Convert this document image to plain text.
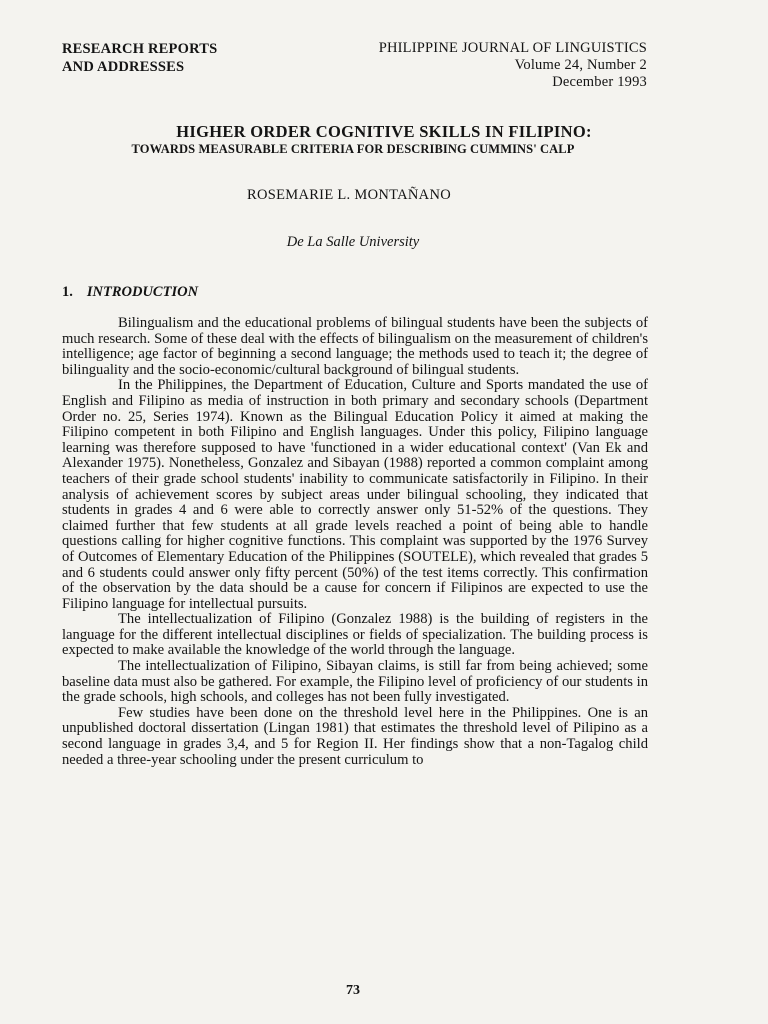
RESEARCH REPORTS
AND ADDRESSES
PHILIPPINE JOURNAL OF LINGUISTICS
Volume 24, Number 2
December 1993
HIGHER ORDER COGNITIVE SKILLS IN FILIPINO:
TOWARDS MEASURABLE CRITERIA FOR DESCRIBING CUMMINS' CALP
ROSEMARIE L. MONTAÑANO
De La Salle University
1. INTRODUCTION

Bilingualism and the educational problems of bilingual students have been the subjects of much research. Some of these deal with the effects of bilingualism on the measurement of children's intelligence; age factor of beginning a second language; the methods used to teach it; the degree of bilinguality and the socio-economic/cultural background of bilingual students.

In the Philippines, the Department of Education, Culture and Sports mandated the use of English and Filipino as media of instruction in both primary and secondary schools (Department Order no. 25, Series 1974). Known as the Bilingual Education Policy it aimed at making the Filipino competent in both Filipino and English languages. Under this policy, Filipino language learning was therefore supposed to have 'functioned in a wider educational context' (Van Ek and Alexander 1975). Nonetheless, Gonzalez and Sibayan (1988) reported a common complaint among teachers of their grade school students' inability to communicate satisfactorily in Filipino. In their analysis of achievement scores by subject areas under bilingual schooling, they indicated that students in grades 4 and 6 were able to correctly answer only 51-52% of the questions. They claimed further that few students at all grade levels reached a point of being able to handle questions calling for higher cognitive functions. This complaint was supported by the 1976 Survey of Outcomes of Elementary Education of the Philippines (SOUTELE), which revealed that grades 5 and 6 students could answer only fifty percent (50%) of the test items correctly. This confirmation of the observation by the data should be a cause for concern if Filipinos are expected to use the Filipino language for intellectual pursuits.

The intellectualization of Filipino (Gonzalez 1988) is the building of registers in the language for the different intellectual disciplines or fields of specialization. The building process is expected to make available the knowledge of the world through the language.

The intellectualization of Filipino, Sibayan claims, is still far from being achieved; some baseline data must also be gathered. For example, the Filipino level of proficiency of our students in the grade schools, high schools, and colleges has not been fully investigated.

Few studies have been done on the threshold level here in the Philippines. One is an unpublished doctoral dissertation (Lingan 1981) that estimates the threshold level of Pilipino as a second language in grades 3,4, and 5 for Region II. Her findings show that a non-Tagalog child needed a three-year schooling under the present curriculum to

73
